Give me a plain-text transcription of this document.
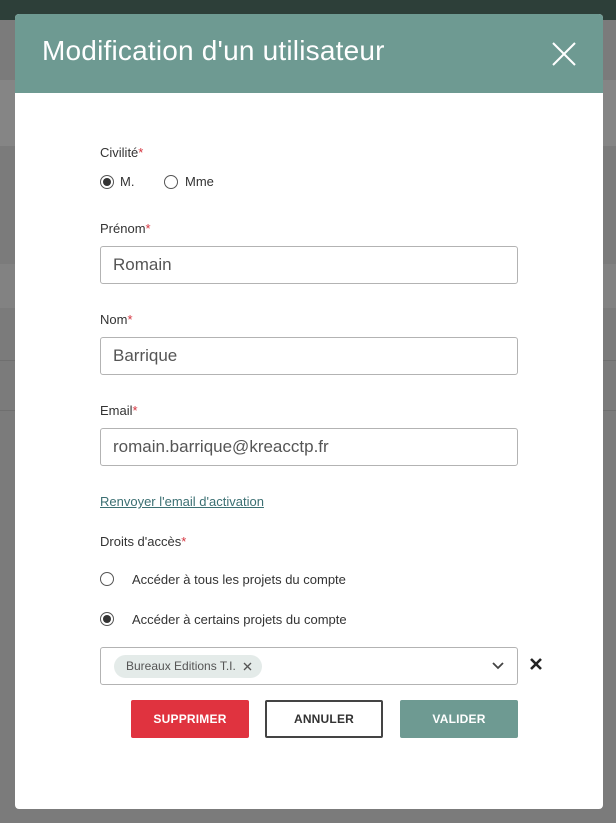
Modification d'un utilisateur
Civilité*
M.	Mme
Prénom*
Romain
Nom*
Barrique
Email*
romain.barrique@kreacctp.fr
Renvoyer l'email d'activation
Droits d'accès*
Accéder à tous les projets du compte
Accéder à certains projets du compte
Bureaux Editions T.I.
SUPPRIMER	ANNULER	VALIDER
